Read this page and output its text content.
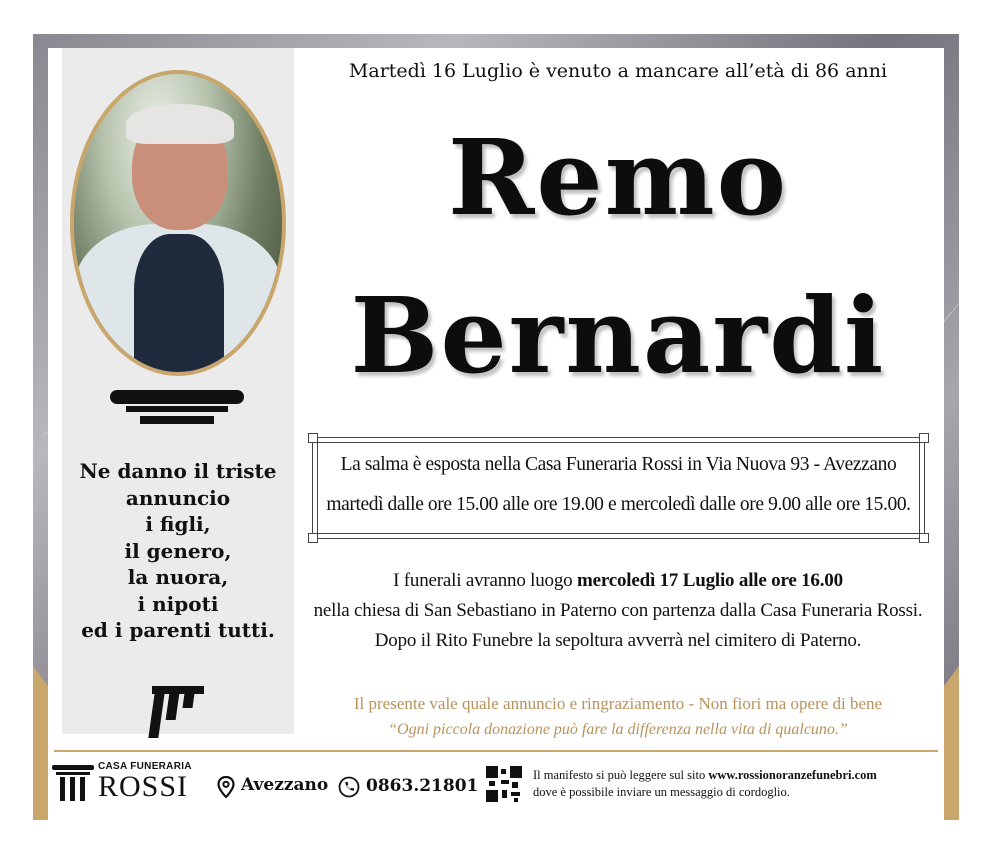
Ne danno il triste
annuncio
i figli,
il genero,
la nuora,
i nipoti
ed i parenti tutti.
Martedì 16 Luglio è venuto a mancare all’età di 86 anni
Remo
Bernardi

La salma è esposta nella Casa Funeraria Rossi in Via Nuova 93 - Avezzano

martedì dalle ore 15.00 alle ore 19.00 e mercoledì dalle ore 9.00 alle ore 15.00.

I funerali avranno luogo mercoledì 17 Luglio alle ore 16.00
nella chiesa di San Sebastiano in Paterno con partenza dalla Casa Funeraria Rossi.
Dopo il Rito Funebre la sepoltura avverrà nel cimitero di Paterno.
Il presente vale quale annuncio e ringraziamento - Non fiori ma opere di bene
“Ogni piccola donazione può fare la differenza nella vita di qualcuno.”
CASA FUNERARIA
ROSSI	Avezzano 0863.21801
Il manifesto si può leggere sul sito www.rossionoranzefunebri.com
dove è possibile inviare un messaggio di cordoglio.
